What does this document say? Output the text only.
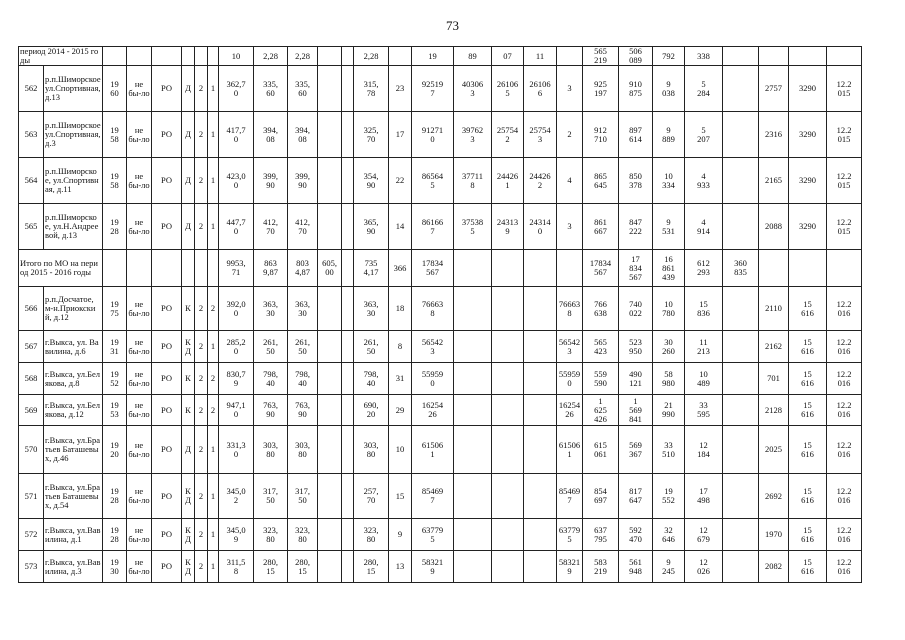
73
период 2014 - 2015 годы								10	2,28	2,28			2,28		19	89	07	11		565
219	506
089	792	338				

562	р.п.Шиморское ул.Спортивная, д.13	19
60	не
бы-ло	РО	Д	2	1	362,7
0	335,
60	335,
60			315,
78	23	92519
7	40306
3	26106
5	26106
6	3	925
197	910
875	9
038	5
284		2757	3290	12.2
015

563	р.п.Шиморское ул.Спортивная, д.3	19
58	не
бы-ло	РО	Д	2	1	417,7
0	394,
08	394,
08			325,
70	17	91271
0	39762
3	25754
2	25754
3	2	912
710	897
614	9
889	5
207		2316	3290	12.2
015

564	р.п.Шиморское, ул.Спортивная, д.11	19
58	не
бы-ло	РО	Д	2	1	423,0
0	399,
90	399,
90			354,
90	22	86564
5	37711
8	24426
1	24426
2	4	865
645	850
378	10
334	4
933		2165	3290	12.2
015

565	р.п.Шиморское, ул.Н.Андреевой, д.13	19
28	не
бы-ло	РО	Д	2	1	447,7
0	412,
70	412,
70			365,
90	14	86166
7	37538
5	24313
9	24314
0	3	861
667	847
222	9
531	4
914		2088	3290	12.2
015

Итого по МО на период 2015 - 2016 годы								9953,
71	863
9,87	803
4,87	605,
00		735
4,17	366	17834
567					17834
567	17
834
567	16
861
439	612
293	360
835			

566	р.п.Досчатое, м-н.Приокский, д.12	19
75	не
бы-ло	РО	К	2	2	392,0
0	363,
30	363,
30			363,
30	18	76663
8				76663
8	766
638	740
022	10
780	15
836		2110	15
616	12.2
016

567	г.Выкса, ул. Вавилина, д.6	19
31	не
бы-ло	РО	К
Д	2	1	285,2
0	261,
50	261,
50			261,
50	8	56542
3				56542
3	565
423	523
950	30
260	11
213		2162	15
616	12.2
016

568	г.Выкса, ул.Белякова, д.8	19
52	не
бы-ло	РО	К	2	2	830,7
9	798,
40	798,
40			798,
40	31	55959
0				55959
0	559
590	490
121	58
980	10
489		701	15
616	12.2
016

569	г.Выкса, ул.Белякова, д.12	19
53	не
бы-ло	РО	К	2	2	947,1
0	763,
90	763,
90			690,
20	29	16254
26				16254
26	1
625
426	1
569
841	21
990	33
595		2128	15
616	12.2
016

570	г.Выкса, ул.Братьев Баташевых, д.46	19
20	не
бы-ло	РО	Д	2	1	331,3
0	303,
80	303,
80			303,
80	10	61506
1				61506
1	615
061	569
367	33
510	12
184		2025	15
616	12.2
016

571	г.Выкса, ул.Братьев Баташевых, д.54	19
28	не
бы-ло	РО	К
Д	2	1	345,0
2	317,
50	317,
50			257,
70	15	85469
7				85469
7	854
697	817
647	19
552	17
498		2692	15
616	12.2
016

572	г.Выкса, ул.Вавилина, д.1	19
28	не
бы-ло	РО	К
Д	2	1	345,0
9	323,
80	323,
80			323,
80	9	63779
5				63779
5	637
795	592
470	32
646	12
679		1970	15
616	12.2
016

573	г.Выкса, ул.Вавилина, д.3	19
30	не
бы-ло	РО	К
Д	2	1	311,5
8	280,
15	280,
15			280,
15	13	58321
9				58321
9	583
219	561
948	9
245	12
026		2082	15
616	12.2
016
